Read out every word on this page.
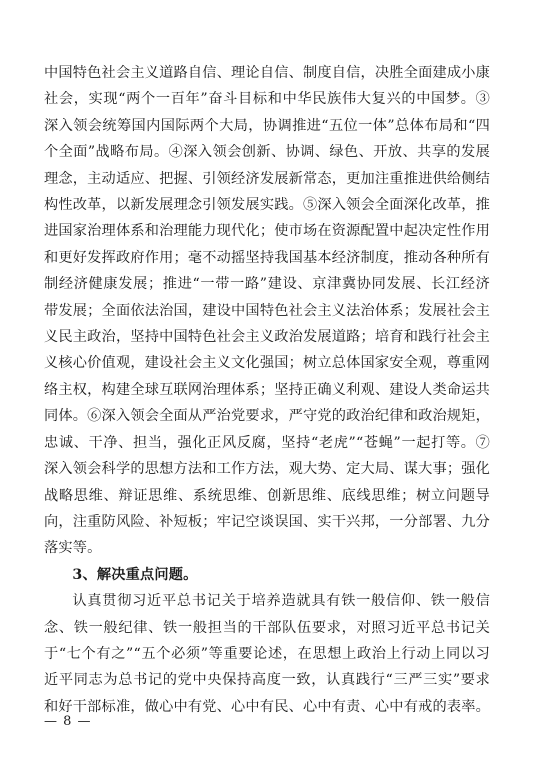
中国特色社会主义道路自信、理论自信、制度自信，决胜全面建成小康社会，实现“两个一百年”奋斗目标和中华民族伟大复兴的中国梦。③深入领会统筹国内国际两个大局，协调推进“五位一体”总体布局和“四个全面”战略布局。④深入领会创新、协调、绿色、开放、共享的发展理念，主动适应、把握、引领经济发展新常态，更加注重推进供给侧结构性改革，以新发展理念引领发展实践。⑤深入领会全面深化改革，推进国家治理体系和治理能力现代化；使市场在资源配置中起决定性作用和更好发挥政府作用；毫不动摇坚持我国基本经济制度，推动各种所有制经济健康发展；推进“一带一路”建设、京津冀协同发展、长江经济带发展；全面依法治国，建设中国特色社会主义法治体系；发展社会主义民主政治，坚持中国特色社会主义政治发展道路；培育和践行社会主义核心价值观，建设社会主义文化强国；树立总体国家安全观，尊重网络主权，构建全球互联网治理体系；坚持正确义利观、建设人类命运共同体。⑥深入领会全面从严治党要求，严守党的政治纪律和政治规矩，忠诚、干净、担当，强化正风反腐，坚持“老虎”“苍蝇”一起打等。⑦深入领会科学的思想方法和工作方法，观大势、定大局、谋大事；强化战略思维、辩证思维、系统思维、创新思维、底线思维；树立问题导向，注重防风险、补短板；牢记空谈误国、实干兴邦，一分部署、九分落实等。

3、解决重点问题。

认真贯彻习近平总书记关于培养造就具有铁一般信仰、铁一般信念、铁一般纪律、铁一般担当的干部队伍要求，对照习近平总书记关于“七个有之”“五个必须”等重要论述，在思想上政治上行动上同以习近平同志为总书记的党中央保持高度一致，认真践行“三严三实”要求和好干部标准，做心中有党、心中有民、心中有责、心中有戒的表率。

— 8 —
